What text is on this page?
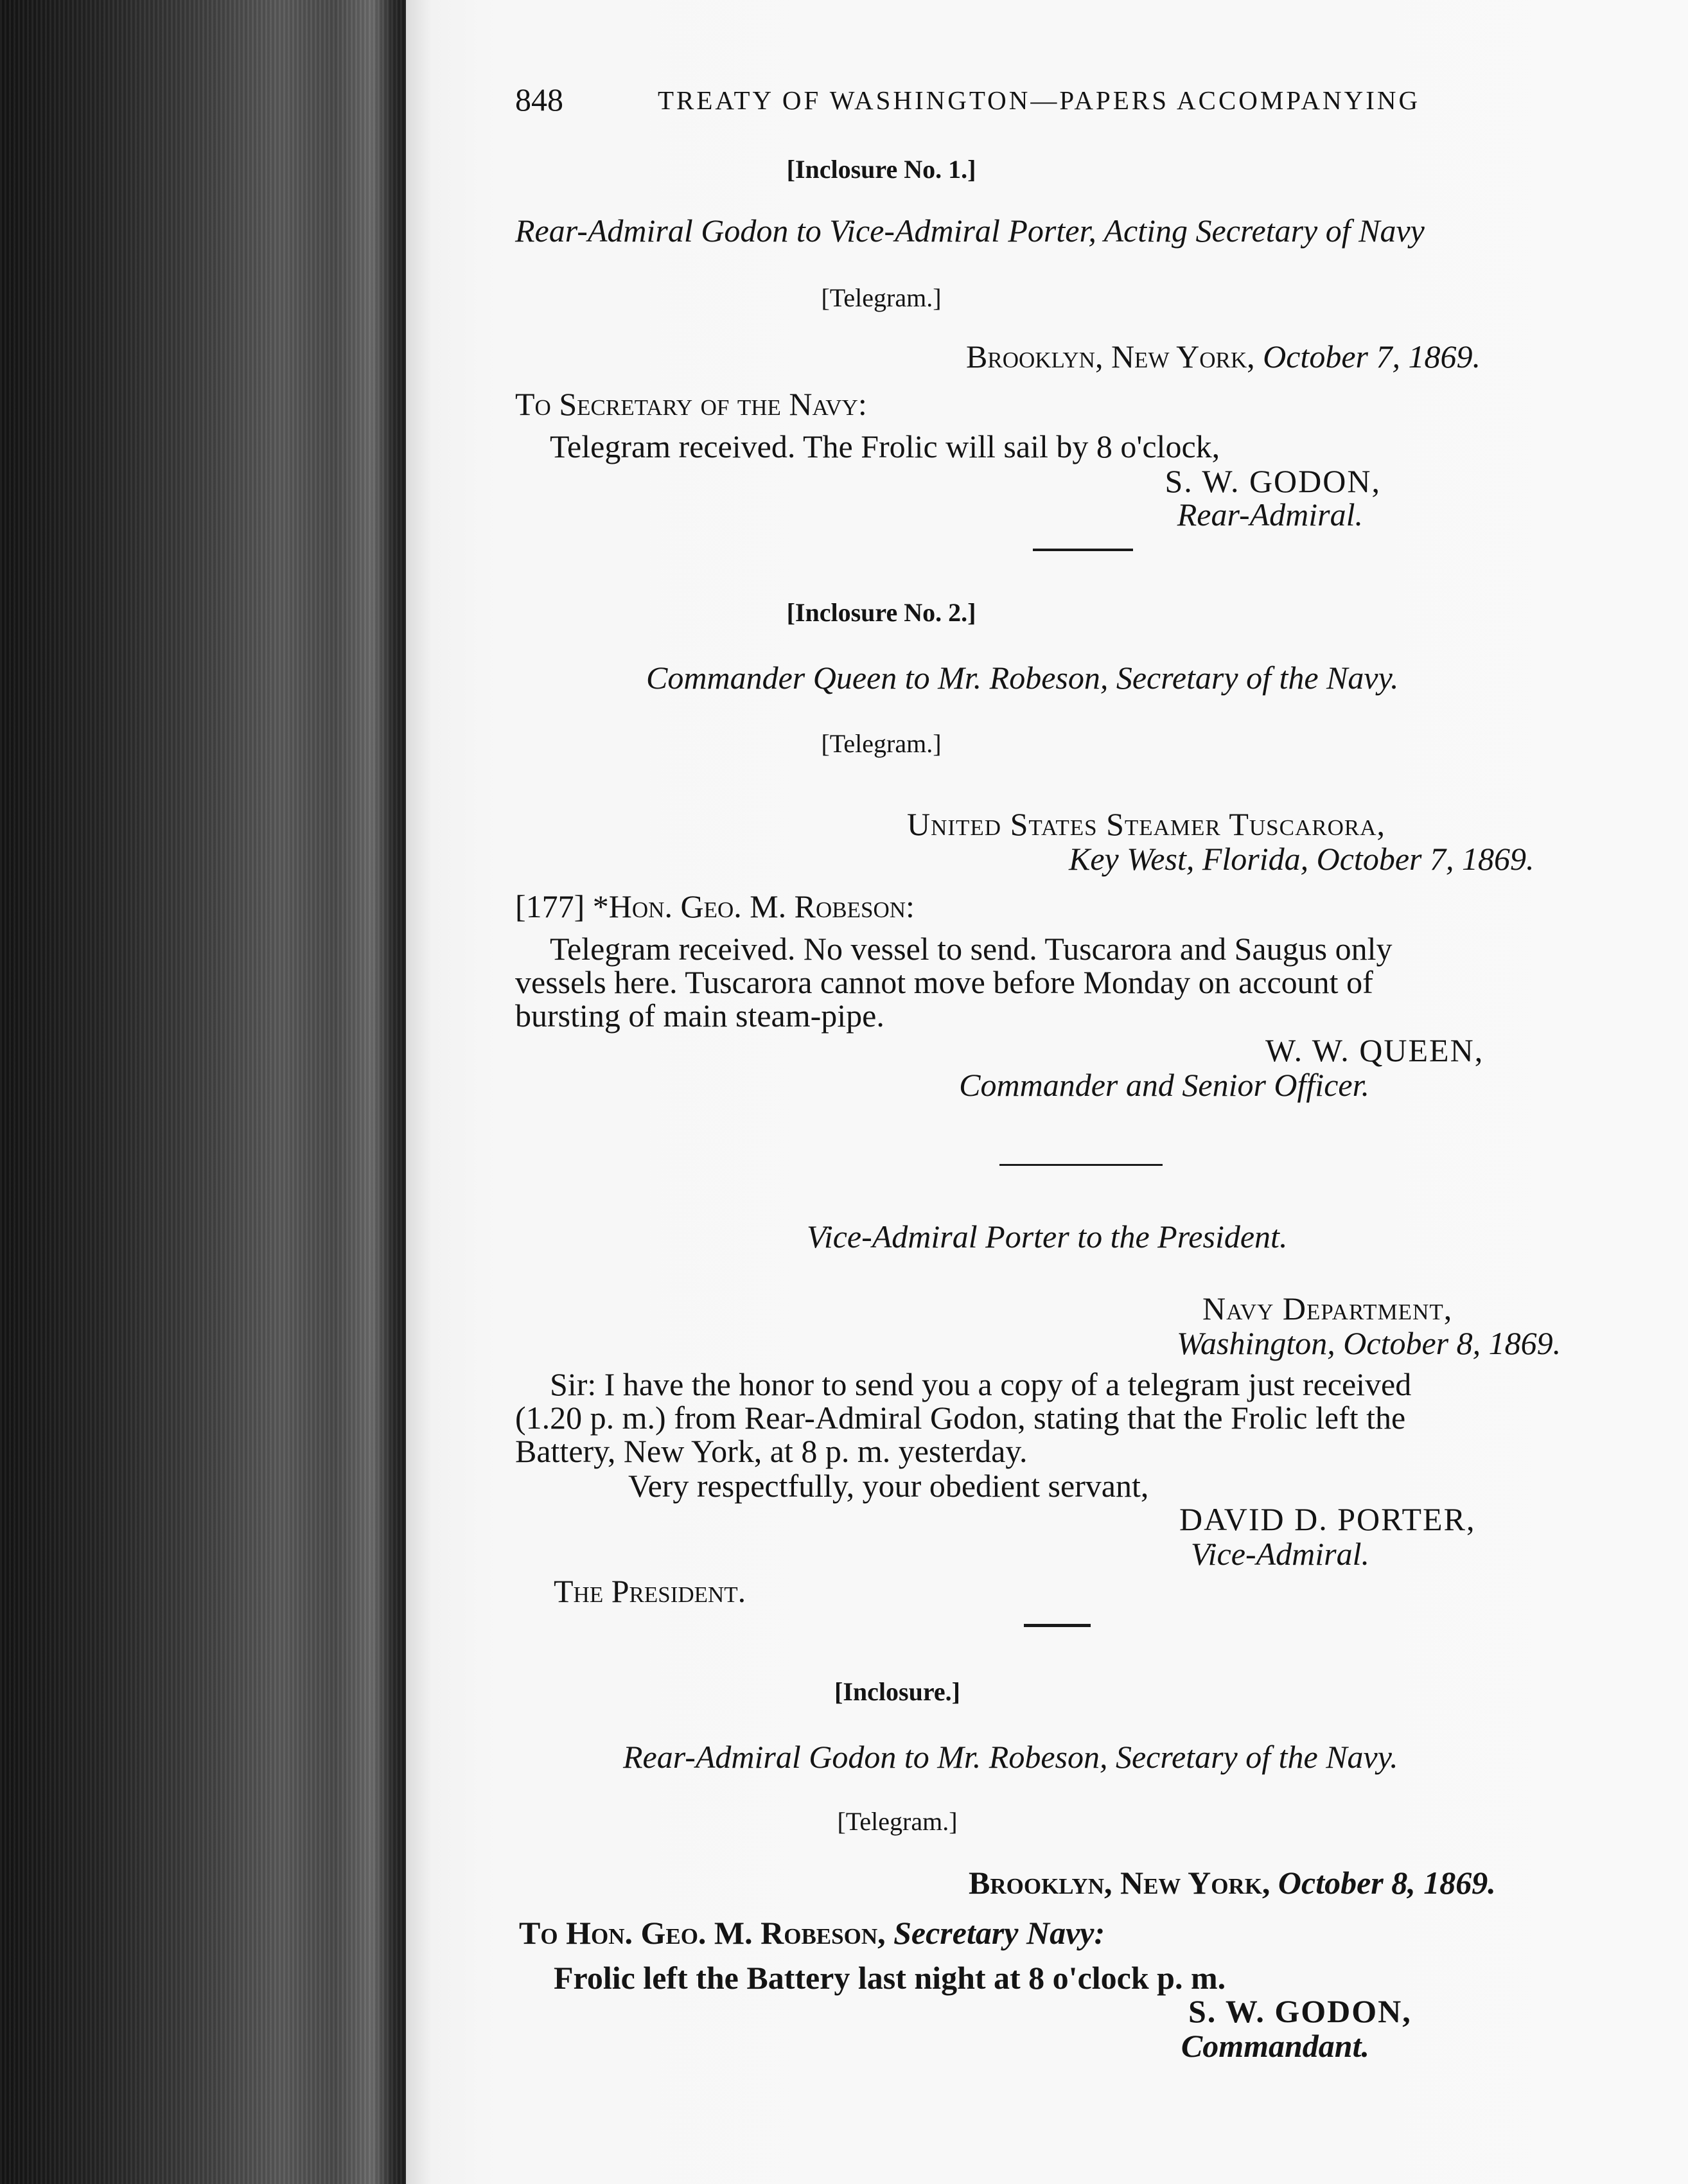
848	TREATY OF WASHINGTON—PAPERS ACCOMPANYING
[Inclosure No. 1.]
Rear-Admiral Godon to Vice-Admiral Porter, Acting Secretary of Navy
[Telegram.]
Brooklyn, New York, October 7, 1869.
To Secretary of the Navy:
Telegram received. The Frolic will sail by 8 o'clock,
S. W. GODON,
Rear-Admiral.
[Inclosure No. 2.]
Commander Queen to Mr. Robeson, Secretary of the Navy.
[Telegram.]
United States Steamer Tuscarora,
Key West, Florida, October 7, 1869.
[177] *Hon. Geo. M. Robeson:
Telegram received. No vessel to send. Tuscarora and Saugus only
vessels here. Tuscarora cannot move before Monday on account of
bursting of main steam-pipe.
W. W. QUEEN,
Commander and Senior Officer.
Vice-Admiral Porter to the President.
Navy Department,
Washington, October 8, 1869.
Sir: I have the honor to send you a copy of a telegram just received
(1.20 p. m.) from Rear-Admiral Godon, stating that the Frolic left the
Battery, New York, at 8 p. m. yesterday.
Very respectfully, your obedient servant,
DAVID D. PORTER,
Vice-Admiral.
The President.
[Inclosure.]
Rear-Admiral Godon to Mr. Robeson, Secretary of the Navy.
[Telegram.]
Brooklyn, New York, October 8, 1869.
To Hon. Geo. M. Robeson, Secretary Navy:
Frolic left the Battery last night at 8 o'clock p. m.
S. W. GODON,
Commandant.
